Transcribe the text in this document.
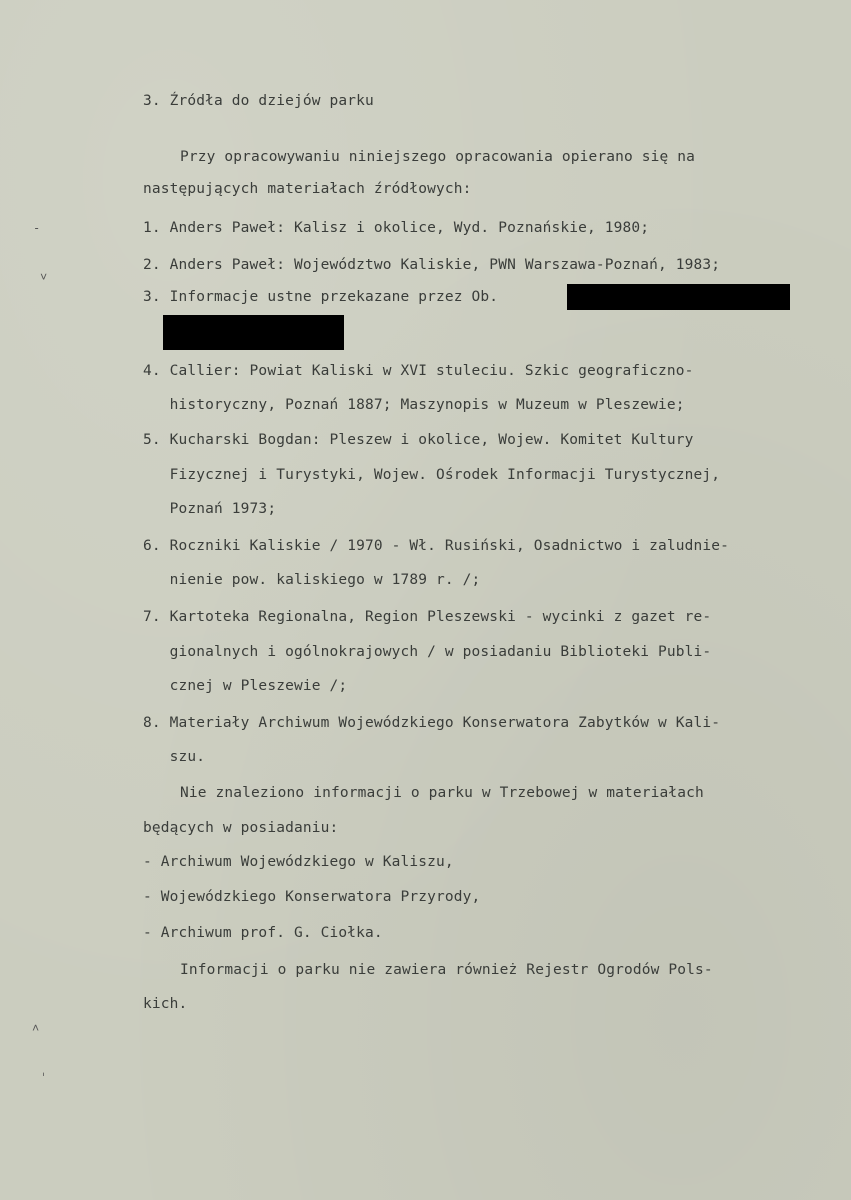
3. Źródła do dziejów parku
Przy opracowywaniu niniejszego opracowania opierano się na
następujących materiałach źródłowych:
1. Anders Paweł: Kalisz i okolice, Wyd. Poznańskie, 1980;
2. Anders Paweł: Województwo Kaliskie, PWN Warszawa-Poznań, 1983;
3. Informacje ustne przekazane przez Ob.
4. Callier: Powiat Kaliski w XVI stuleciu. Szkic geograficzno-
historyczny, Poznań 1887; Maszynopis w Muzeum w Pleszewie;
5. Kucharski Bogdan: Pleszew i okolice, Wojew. Komitet Kultury
Fizycznej i Turystyki, Wojew. Ośrodek Informacji Turystycznej,
Poznań 1973;
6. Roczniki Kaliskie / 1970 - Wł. Rusiński, Osadnictwo i zaludnie-
nienie pow. kaliskiego w 1789 r. /;
7. Kartoteka Regionalna, Region Pleszewski - wycinki z gazet re-
gionalnych i ogólnokrajowych / w posiadaniu Biblioteki Publi-
cznej w Pleszewie /;
8. Materiały Archiwum Wojewódzkiego Konserwatora Zabytków w Kali-
szu.
Nie znaleziono informacji o parku w Trzebowej w materiałach
będących w posiadaniu:
- Archiwum Wojewódzkiego w Kaliszu,
- Wojewódzkiego Konserwatora Przyrody,
- Archiwum prof. G. Ciołka.
Informacji o parku nie zawiera również Rejestr Ogrodów Pols-
kich.
-
˅
˄
ˈ
